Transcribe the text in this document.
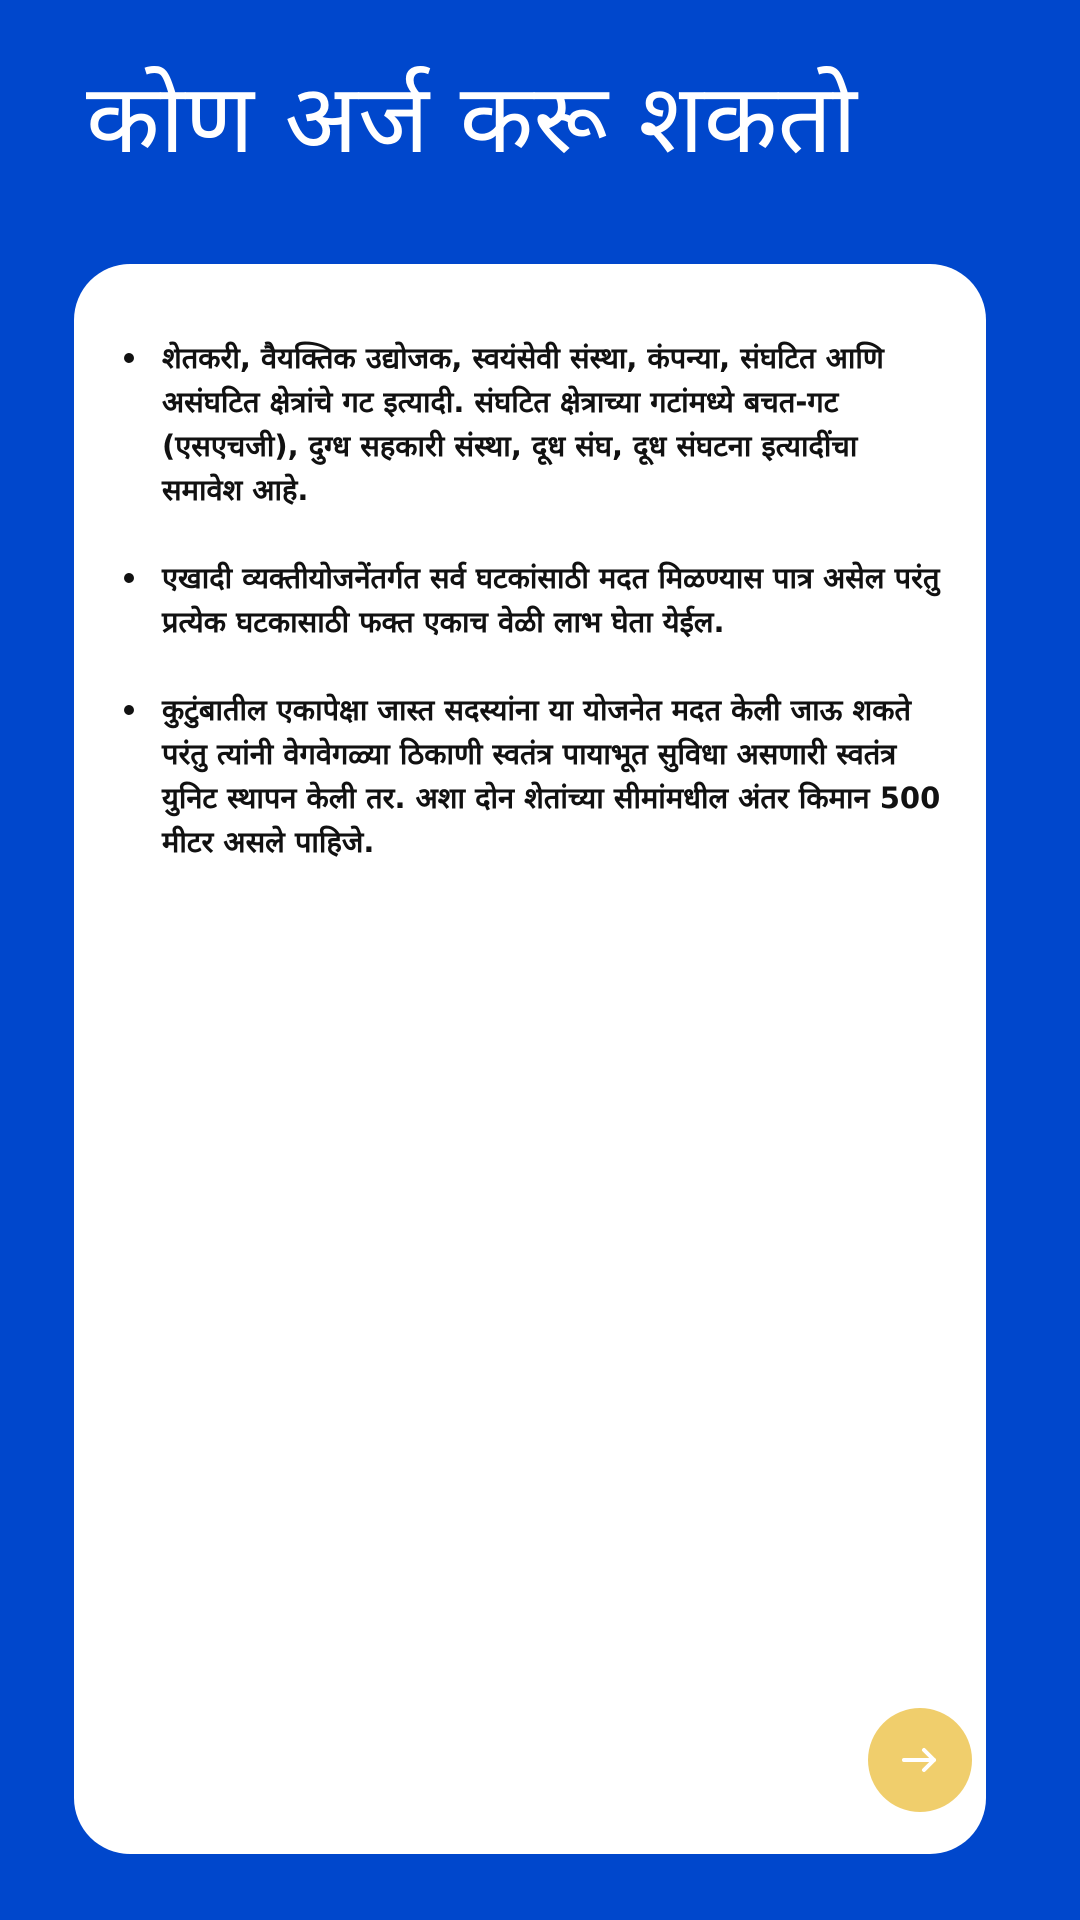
कोण अर्ज करू शकतो
शेतकरी, वैयक्तिक उद्योजक, स्वयंसेवी संस्था, कंपन्या, संघटित आणि असंघटित क्षेत्रांचे गट इत्यादी. संघटित क्षेत्राच्या गटांमध्ये बचत-गट (एसएचजी), दुग्ध सहकारी संस्था, दूध संघ, दूध संघटना इत्यादींचा समावेश आहे.
एखादी व्यक्तीयोजनेंतर्गत सर्व घटकांसाठी मदत मिळण्यास पात्र असेल परंतु प्रत्येक घटकासाठी फक्त एकाच वेळी लाभ घेता येईल.
कुटुंबातील एकापेक्षा जास्त सदस्यांना या योजनेत मदत केली जाऊ शकते परंतु त्यांनी वेगवेगळ्या ठिकाणी स्वतंत्र पायाभूत सुविधा असणारी स्वतंत्र युनिट स्थापन केली तर. अशा दोन शेतांच्या सीमांमधील अंतर किमान 500 मीटर असले पाहिजे.
